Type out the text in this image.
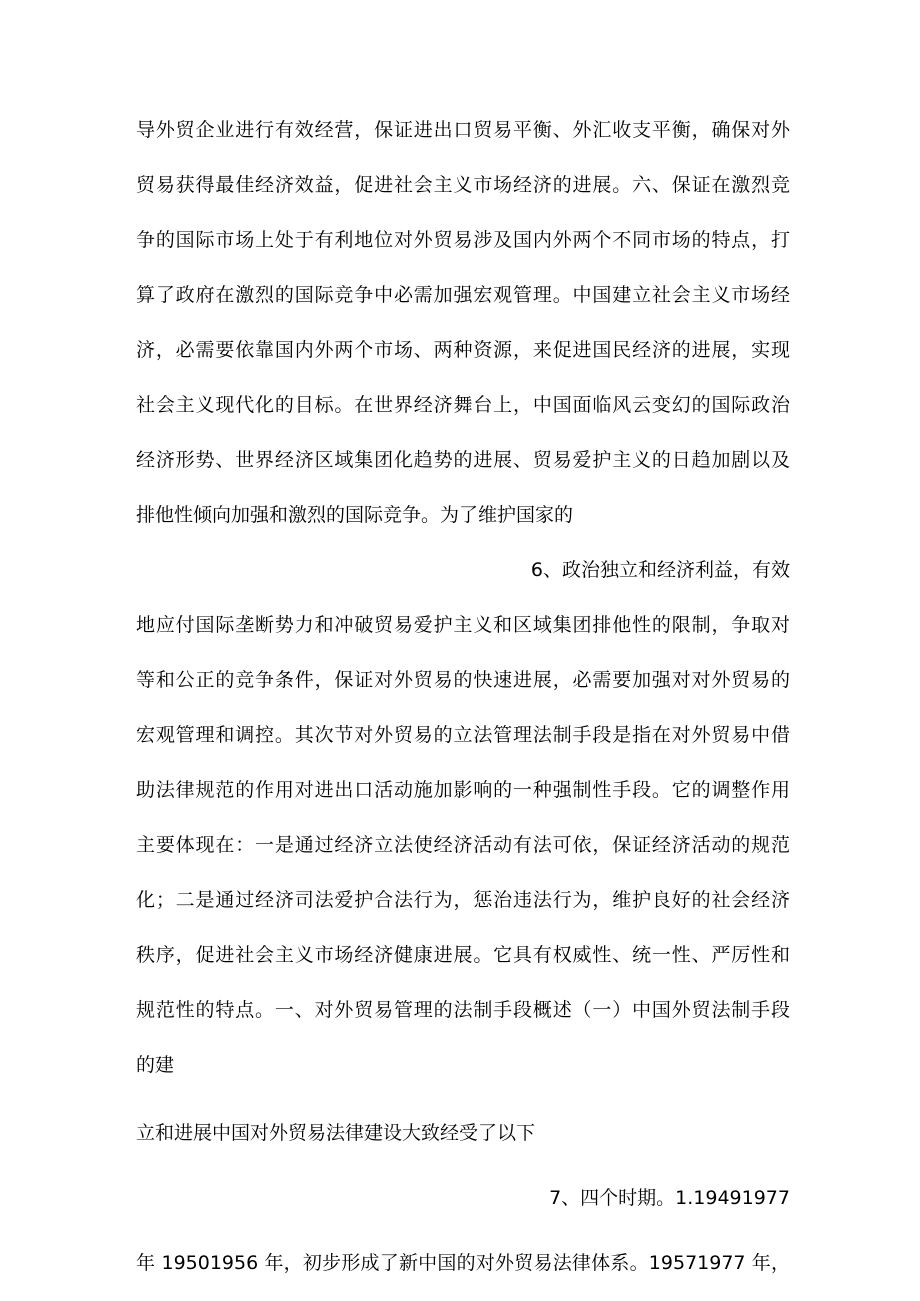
导外贸企业进行有效经营，保证进出口贸易平衡、外汇收支平衡，确保对外
贸易获得最佳经济效益，促进社会主义市场经济的进展。六、保证在激烈竞
争的国际市场上处于有利地位对外贸易涉及国内外两个不同市场的特点，打
算了政府在激烈的国际竞争中必需加强宏观管理。中国建立社会主义市场经
济，必需要依靠国内外两个市场、两种资源，来促进国民经济的进展，实现
社会主义现代化的目标。在世界经济舞台上，中国面临风云变幻的国际政治
经济形势、世界经济区域集团化趋势的进展、贸易爱护主义的日趋加剧以及
排他性倾向加强和激烈的国际竞争。为了维护国家的
6、政治独立和经济利益，有效
地应付国际垄断势力和冲破贸易爱护主义和区域集团排他性的限制，争取对
等和公正的竞争条件，保证对外贸易的快速进展，必需要加强对对外贸易的
宏观管理和调控。其次节对外贸易的立法管理法制手段是指在对外贸易中借
助法律规范的作用对进出口活动施加影响的一种强制性手段。它的调整作用
主要体现在：一是通过经济立法使经济活动有法可依，保证经济活动的规范
化；二是通过经济司法爱护合法行为，惩治违法行为，维护良好的社会经济
秩序，促进社会主义市场经济健康进展。它具有权威性、统一性、严厉性和
规范性的特点。一、对外贸易管理的法制手段概述（一）中国外贸法制手段
的建
立和进展中国对外贸易法律建设大致经受了以下
7、四个时期。1.19491977
年 19501956 年，初步形成了新中国的对外贸易法律体系。19571977 年，
